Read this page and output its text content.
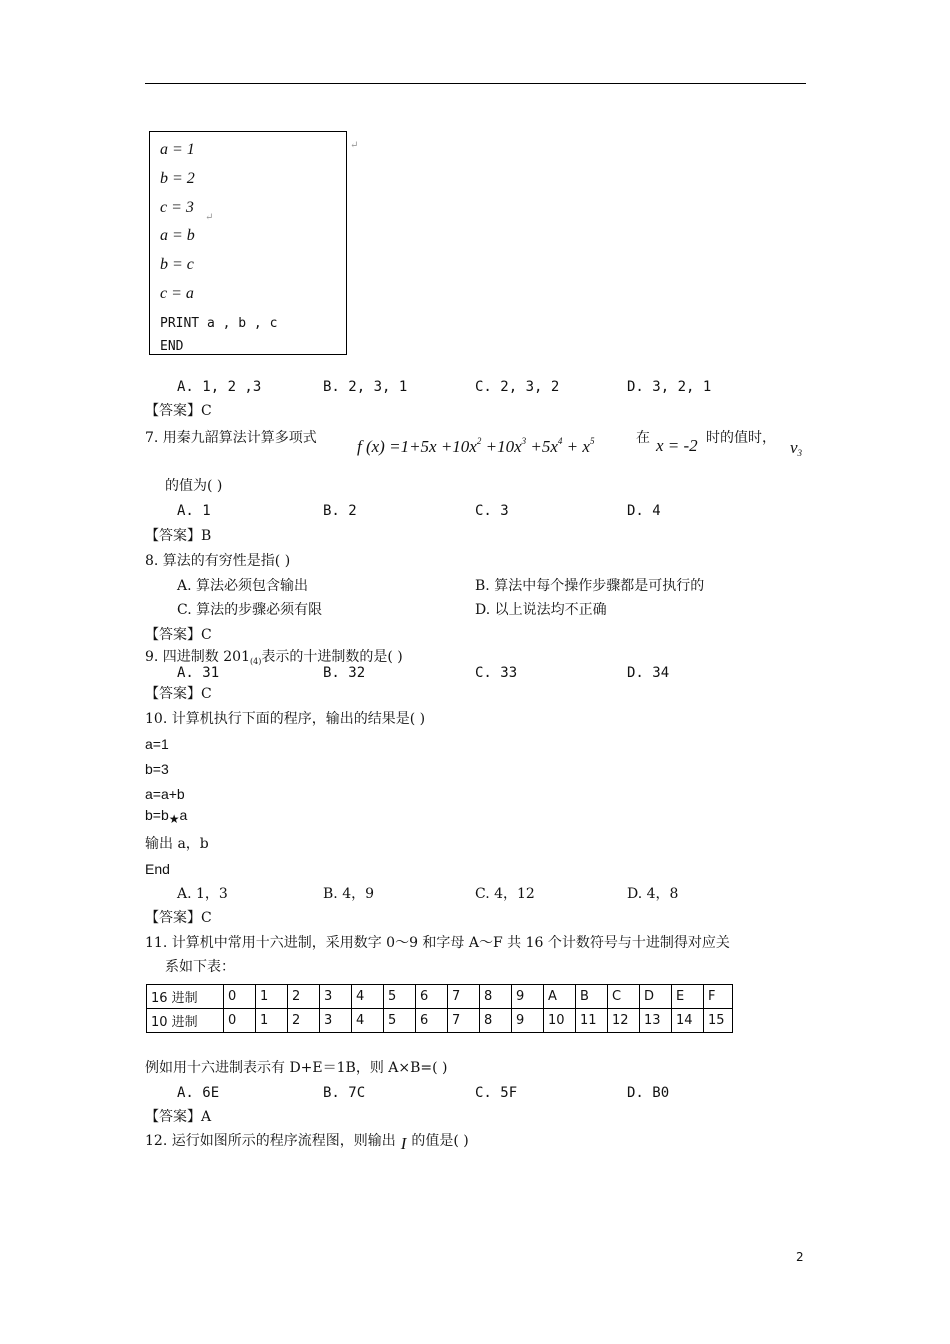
a = 1
b = 2
c = 3
a = b
b = c
c = a
PRINT a , b , c
END
↵
↵
A. 1, 2 ,3	B. 2, 3, 1	C. 2, 3, 2	D. 3, 2, 1
【答案】C
7. 用秦九韶算法计算多项式 f $(x) =1+5x +10x^2 +10x^3 +5x^4 + x^5$	在 x = -2 时的值时， $v_3$
的值为( )
A. 1	B. 2	C. 3	D. 4
【答案】B
8. 算法的有穷性是指( )
A. 算法必须包含输出	B. 算法中每个操作步骤都是可执行的
C. 算法的步骤必须有限	D. 以上说法均不正确
【答案】C
9. 四进制数 $201_{(4)}$表示的十进制数的是( )
A. 31	B. 32	C. 33	D. 34
【答案】C
10. 计算机执行下面的程序，输出的结果是( )
a=1
b=3
a=a+b
b=b★a
输出 a，b
End
A. 1，3	B. 4，9	C. 4，12	D. 4，8
【答案】C
11. 计算机中常用十六进制，采用数字 0～9 和字母 A～F 共 16 个计数符号与十进制得对应关
系如下表：
16 进制	0	1	2	3	4	5	6	7	8	9	A	B	C	D	E	F
10 进制	0	1	2	3	4	5	6	7	8	9	10	11	12	13	14	15
例如用十六进制表示有 D+E＝1B，则 A×B=( )
A. 6E	B. 7C	C. 5F	D. B0
【答案】A
12. 运行如图所示的程序流程图，则输出 I 的值是( )
2
